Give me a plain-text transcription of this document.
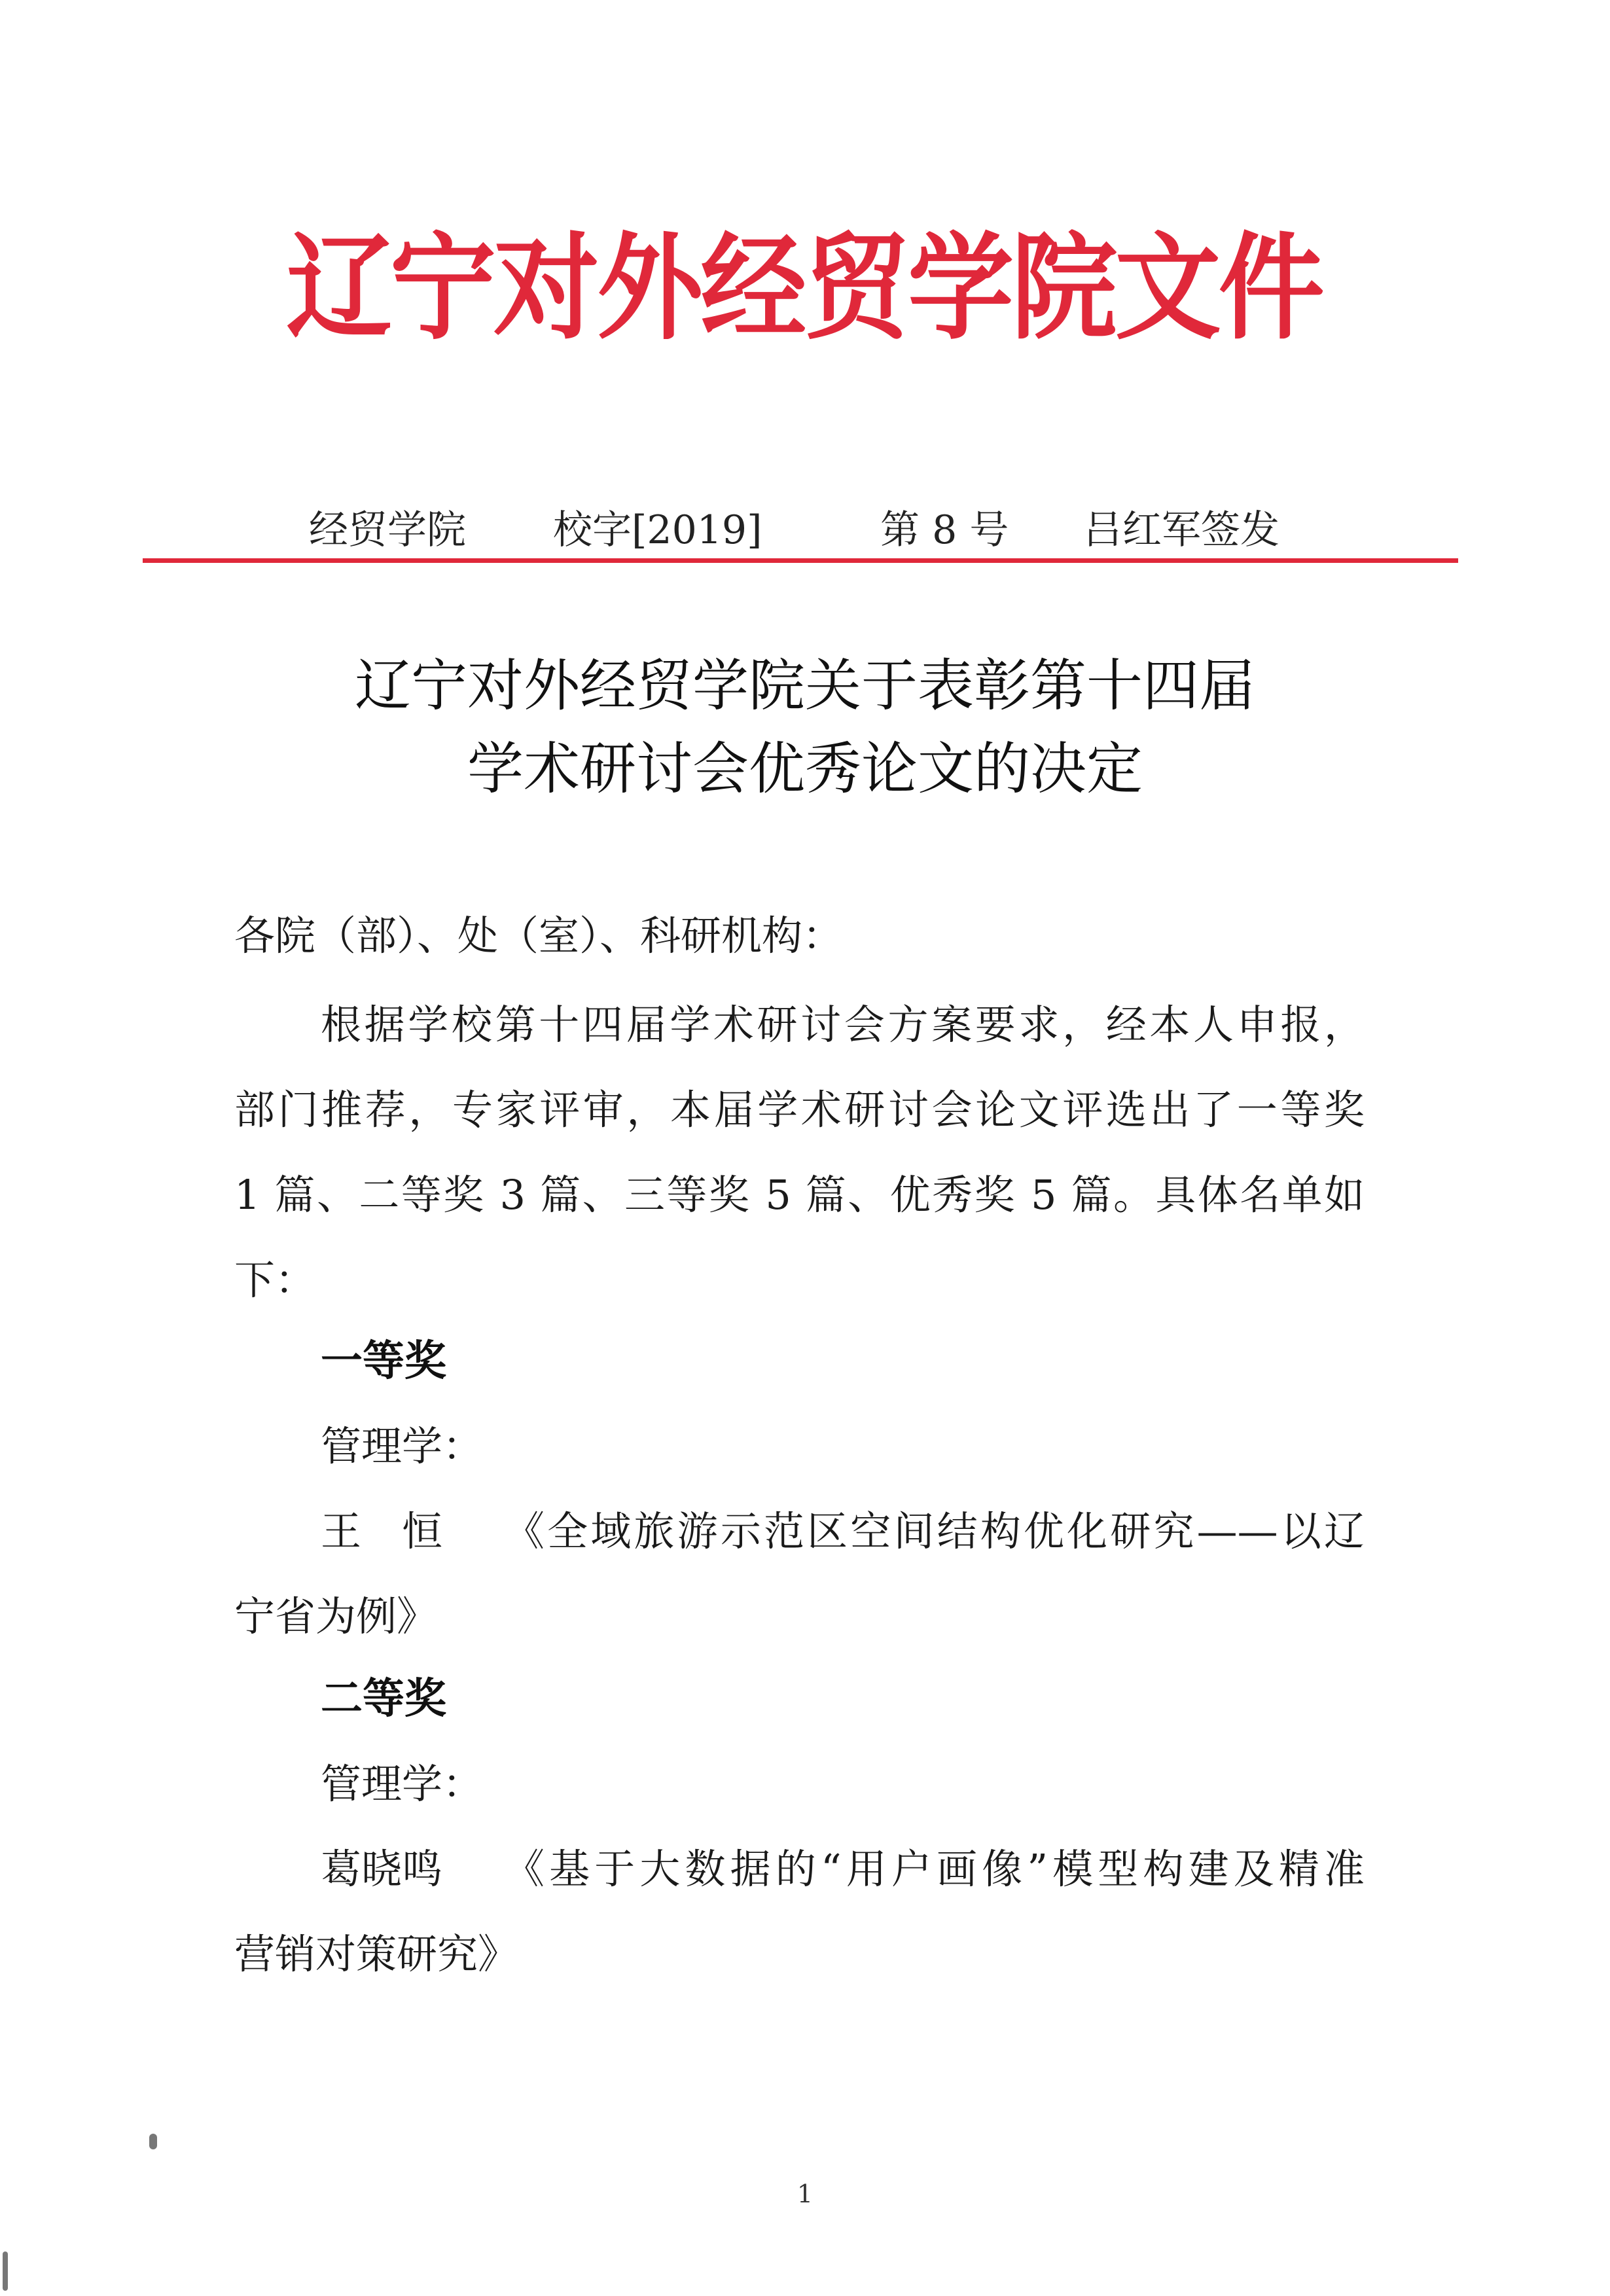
辽宁对外经贸学院文件
经贸学院 校字[2019]	第 8 号 吕红军签发
辽宁对外经贸学院关于表彰第十四届
学术研讨会优秀论文的决定
各院（部）、处（室）、科研机构：
根据学校第十四届学术研讨会方案要求，经本人申报，
部门推荐，专家评审，本届学术研讨会论文评选出了一等奖
1 篇、二等奖 3 篇、三等奖 5 篇、优秀奖 5 篇。具体名单如
下：
一等奖
管理学：
王　恒 《全域旅游示范区空间结构优化研究——以辽
宁省为例》
二等奖
管理学：
葛晓鸣 《基于大数据的“用户画像”模型构建及精准
营销对策研究》
1
